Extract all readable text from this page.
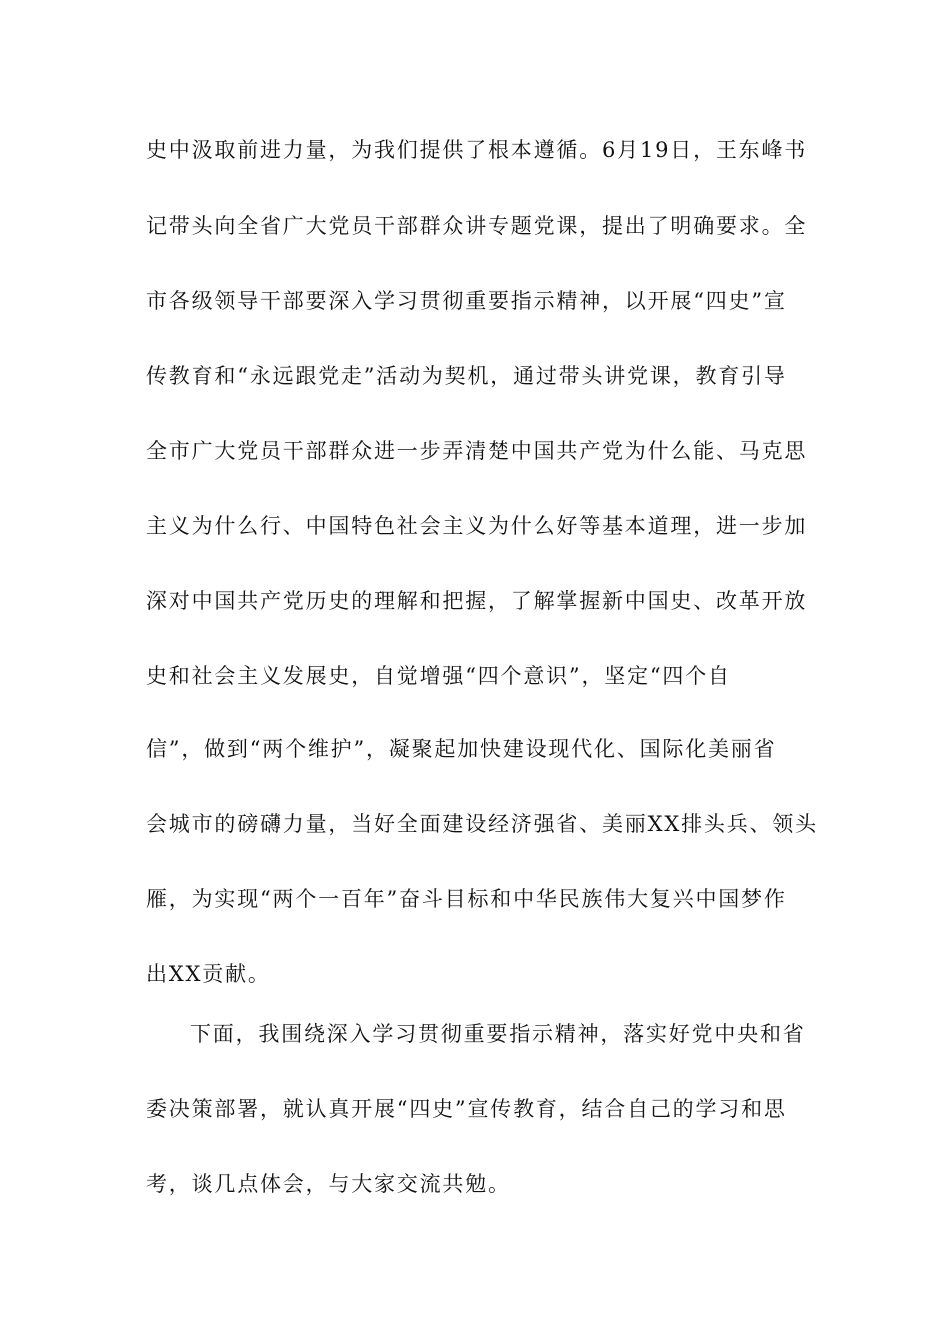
史中汲取前进力量，为我们提供了根本遵循。6月19日，王东峰书
记带头向全省广大党员干部群众讲专题党课，提出了明确要求。全
市各级领导干部要深入学习贯彻重要指示精神，以开展“四史”宣
传教育和“永远跟党走”活动为契机，通过带头讲党课，教育引导
全市广大党员干部群众进一步弄清楚中国共产党为什么能、马克思
主义为什么行、中国特色社会主义为什么好等基本道理，进一步加
深对中国共产党历史的理解和把握，了解掌握新中国史、改革开放
史和社会主义发展史，自觉增强“四个意识”，坚定“四个自
信”，做到“两个维护”，凝聚起加快建设现代化、国际化美丽省
会城市的磅礴力量，当好全面建设经济强省、美丽XX排头兵、领头
雁，为实现“两个一百年”奋斗目标和中华民族伟大复兴中国梦作
出XX贡献。
下面，我围绕深入学习贯彻重要指示精神，落实好党中央和省
委决策部署，就认真开展“四史”宣传教育，结合自己的学习和思
考，谈几点体会，与大家交流共勉。
